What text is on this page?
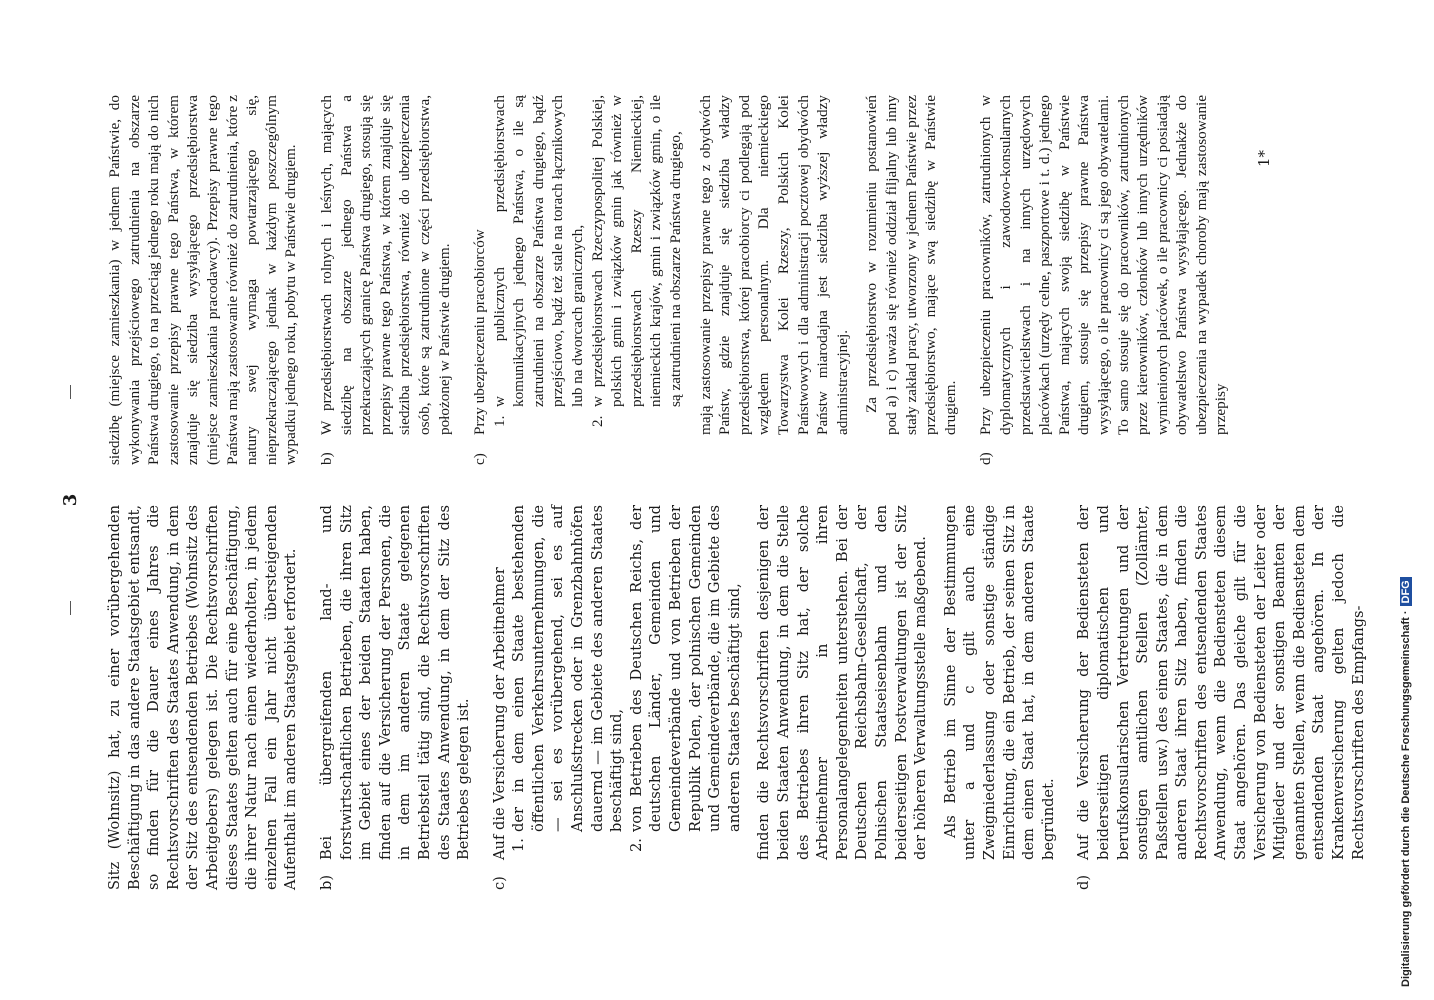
3

Sitz (Wohnsitz) hat, zu einer vorübergehenden Beschäftigung in das andere Staatsgebiet entsandt, so finden für die Dauer eines Jahres die Rechtsvorschriften des Staates Anwendung, in dem der Sitz des entsendenden Betriebes (Wohnsitz des Arbeitgebers) gelegen ist. Die Rechtsvorschriften dieses Staates gelten auch für eine Beschäftigung, die ihrer Natur nach einen wiederholten, in jedem einzelnen Fall ein Jahr nicht übersteigenden Aufenthalt im anderen Staatsgebiet erfordert. b)
Bei übergreifenden land- und forstwirtschaftlichen Betrieben, die ihren Sitz im Gebiet eines der beiden Staaten haben, finden auf die Versicherung der Personen, die in dem im anderen Staate gelegenen Betriebsteil tätig sind, die Rechtsvorschriften des Staates Anwendung, in dem der Sitz des Betriebes gelegen ist.
c)
Auf die Versicherung der Arbeitnehmer 1.
der in dem einen Staate bestehenden öffentlichen Verkehrsunternehmungen, die — sei es vorübergehend, sei es auf Anschlußstrecken oder in Grenzbahnhöfen dauernd — im Gebiete des anderen Staates beschäftigt sind,
2.
von Betrieben des Deutschen Reichs, der deutschen Länder, Gemeinden und Gemeindeverbände und von Betrieben der Republik Polen, der polnischen Gemeinden und Gemeindeverbände, die im Gebiete des anderen Staates beschäftigt sind, finden die Rechtsvorschriften desjenigen der beiden Staaten Anwendung, in dem die Stelle des Betriebes ihren Sitz hat, der solche Arbeitnehmer in ihren Personalangelegenheiten unterstehen. Bei der Deutschen Reichsbahn-Gesellschaft, der Polnischen Staatseisenbahn und den beiderseitigen Postverwaltungen ist der Sitz der höheren Verwaltungsstelle maßgebend. Als Betrieb im Sinne der Bestimmungen unter a und c gilt auch eine Zweigniederlassung oder sonstige ständige Einrichtung, die ein Betrieb, der seinen Sitz in dem einen Staat hat, in dem anderen Staate begründet.
d)
Auf die Versicherung der Bediensteten der beiderseitigen diplomatischen und berufskonsularischen Vertretungen und der sonstigen amtlichen Stellen (Zollämter, Paßstellen usw.) des einen Staates, die in dem anderen Staat ihren Sitz haben, finden die Rechtsvorschriften des entsendenden Staates Anwendung, wenn die Bediensteten diesem Staat angehören. Das gleiche gilt für die Versicherung von Bediensteten der Leiter oder Mitglieder und der sonstigen Beamten der genannten Stellen, wenn die Bediensteten dem entsendenden Staat angehören. In der Krankenversicherung gelten jedoch die Rechtsvorschriften des Empfangs-

siedzibę (miejsce zamieszkania) w jednem Państwie, do wykonywania przejściowego zatrudnienia na obszarze Państwa drugiego, to na przeciąg jednego roku mają do nich zastosowanie przepisy prawne tego Państwa, w którem znajduje się siedziba wysyłającego przedsiębiorstwa (miejsce zamieszkania pracodawcy). Przepisy prawne tego Państwa mają zastosowanie również do zatrudnienia, które z natury swej wymaga powtarzającego się, nieprzekraczającego jednak w każdym poszczególnym wypadku jednego roku, pobytu w Państwie drugiem. b)
W przedsiębiorstwach rolnych i leśnych, mających siedzibę na obszarze jednego Państwa a przekraczających granicę Państwa drugiego, stosują się przepisy prawne tego Państwa, w którem znajduje się siedziba przedsiębiorstwa, również do ubezpieczenia osób, które są zatrudnione w części przedsiębiorstwa, położonej w Państwie drugiem.
c)
Przy ubezpieczeniu pracobiorców 1.
w publicznych przedsiębiorstwach komunikacyjnych jednego Państwa, o ile są zatrudnieni na obszarze Państwa drugiego, bądź przejściowo, bądź też stale na torach łącznikowych lub na dworcach granicznych,
2.
w przedsiębiorstwach Rzeczypospolitej Polskiej, polskich gmin i związków gmin jak również w przedsiębiorstwach Rzeszy Niemieckiej, niemieckich krajów, gmin i związków gmin, o ile są zatrudnieni na obszarze Państwa drugiego, mają zastosowanie przepisy prawne tego z obydwóch Państw, gdzie znajduje się siedziba władzy przedsiębiorstwa, której pracobiorcy ci podlegają pod względem personalnym. Dla niemieckiego Towarzystwa Kolei Rzeszy, Polskich Kolei Państwowych i dla administracji pocztowej obydwóch Państw miarodajna jest siedziba wyższej władzy administracyjnej. Za przedsiębiorstwo w rozumieniu postanowień pod a) i c) uważa się również oddział filjalny lub inny stały zakład pracy, utworzony w jednem Państwie przez przedsiębiorstwo, mające swą siedzibę w Państwie drugiem.
d)
Przy ubezpieczeniu pracowników, zatrudnionych w dyplomatycznych i zawodowo-konsularnych przedstawicielstwach i na innych urzędowych placówkach (urzędy celne, paszportowe i t. d.) jednego Państwa, mających swoją siedzibę w Państwie drugiem, stosuje się przepisy prawne Państwa wysyłającego, o ile pracownicy ci są jego obywatelami. To samo stosuje się do pracowników, zatrudnionych przez kierowników, członków lub innych urzędników wymienionych placówek, o ile pracownicy ci posiadają obywatelstwo Państwa wysyłającego. Jednakże do ubezpieczenia na wypadek choroby mają zastosowanie przepisy
1*
Digitalisierung gefördert durch die Deutsche Forschungsgemeinschaft ·DFG
